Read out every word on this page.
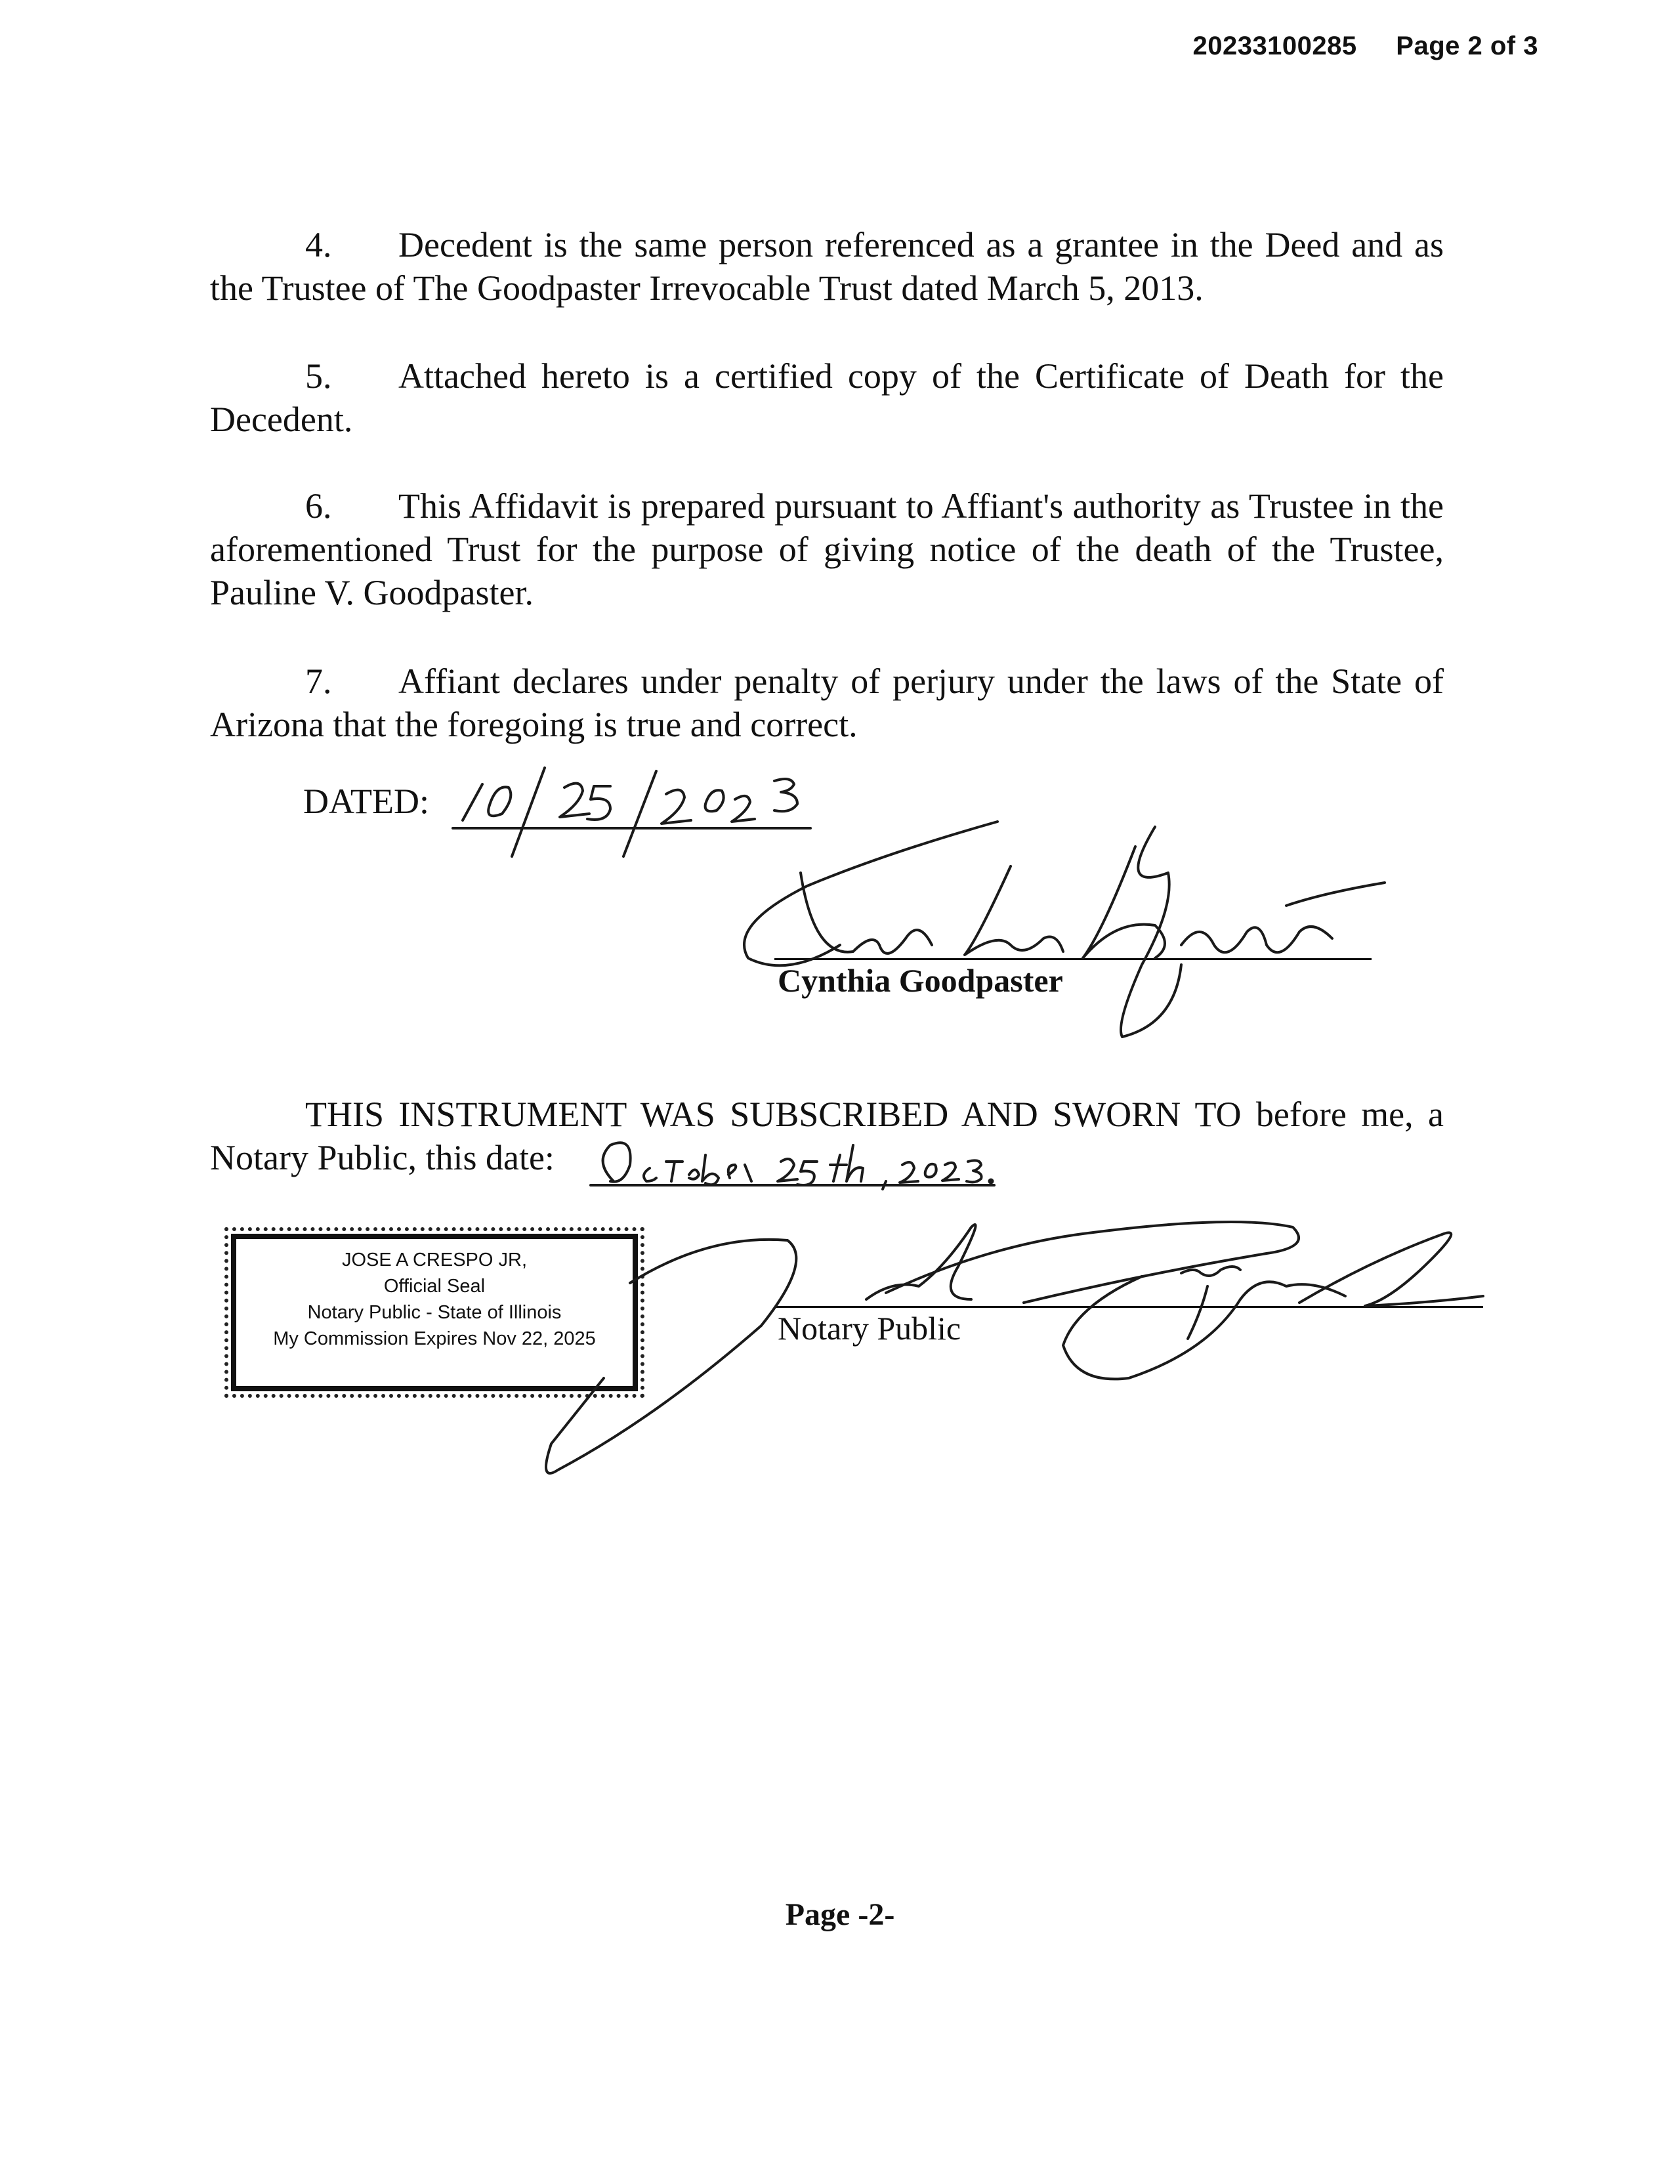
20233100285 Page 2 of 3
4. Decedent is the same person referenced as a grantee in the Deed and as the Trustee of The Goodpaster Irrevocable Trust dated March 5, 2013.
5. Attached hereto is a certified copy of the Certificate of Death for the Decedent.
6. This Affidavit is prepared pursuant to Affiant's authority as Trustee in the aforementioned Trust for the purpose of giving notice of the death of the Trustee, Pauline V. Goodpaster.
7. Affiant declares under penalty of perjury under the laws of the State of Arizona that the foregoing is true and correct.
DATED:
Cynthia Goodpaster
THIS INSTRUMENT WAS SUBSCRIBED AND SWORN TO before me, a Notary Public, this date:
JOSE A CRESPO JR,
Official Seal
Notary Public - State of Illinois
My Commission Expires Nov 22, 2025	Notary Public
Page -2-
